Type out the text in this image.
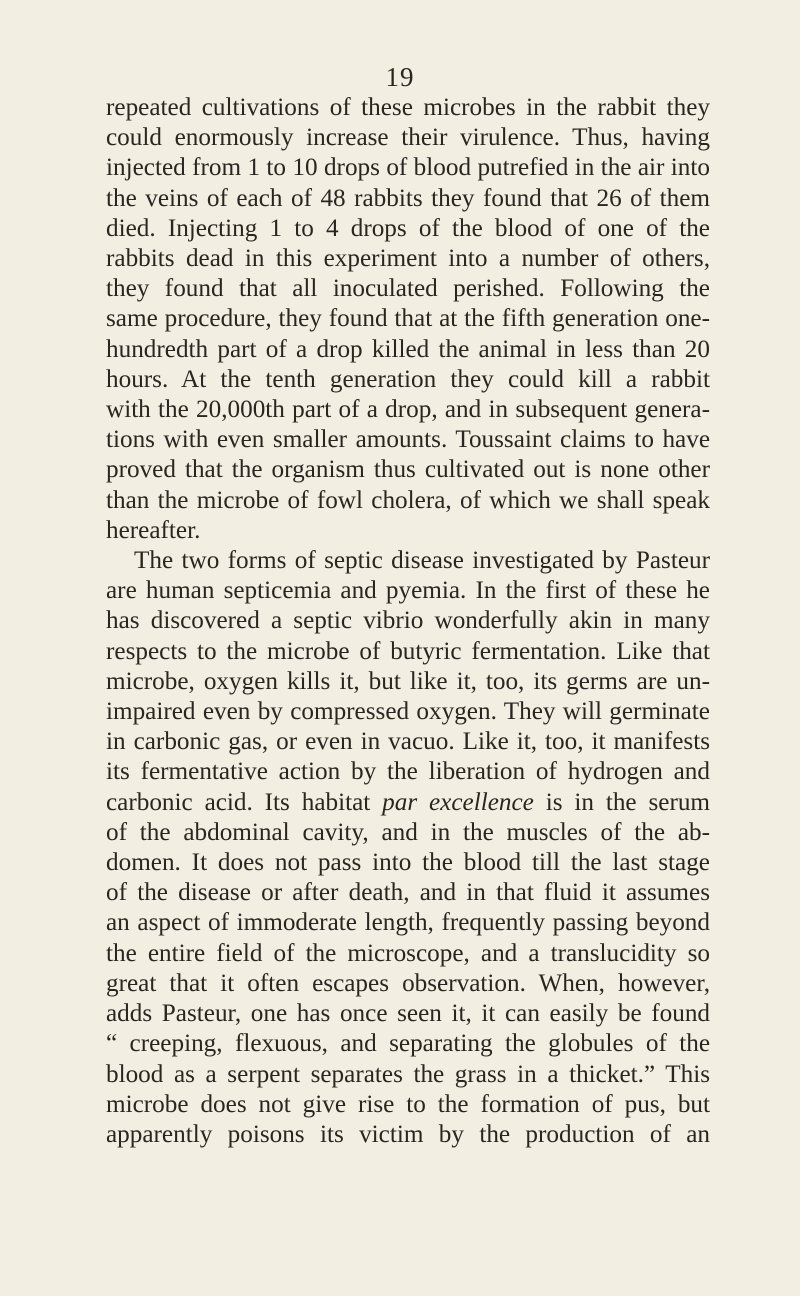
19
repeated cultivations of these microbes in the rabbit they
could enormously increase their virulence. Thus, having
injected from 1 to 10 drops of blood putrefied in the air into
the veins of each of 48 rabbits they found that 26 of them
died. Injecting 1 to 4 drops of the blood of one of the
rabbits dead in this experiment into a number of others,
they found that all inoculated perished. Following the
same procedure, they found that at the fifth generation one-
hundredth part of a drop killed the animal in less than 20
hours. At the tenth generation they could kill a rabbit
with the 20,000th part of a drop, and in subsequent genera-
tions with even smaller amounts. Toussaint claims to have
proved that the organism thus cultivated out is none other
than the microbe of fowl cholera, of which we shall speak
hereafter.
The two forms of septic disease investigated by Pasteur
are human septicemia and pyemia. In the first of these he
has discovered a septic vibrio wonderfully akin in many
respects to the microbe of butyric fermentation. Like that
microbe, oxygen kills it, but like it, too, its germs are un-
impaired even by compressed oxygen. They will germinate
in carbonic gas, or even in vacuo. Like it, too, it manifests
its fermentative action by the liberation of hydrogen and
carbonic acid. Its habitat par excellence is in the serum
of the abdominal cavity, and in the muscles of the ab-
domen. It does not pass into the blood till the last stage
of the disease or after death, and in that fluid it assumes
an aspect of immoderate length, frequently passing beyond
the entire field of the microscope, and a translucidity so
great that it often escapes observation. When, however,
adds Pasteur, one has once seen it, it can easily be found
“ creeping, flexuous, and separating the globules of the
blood as a serpent separates the grass in a thicket.” This
microbe does not give rise to the formation of pus, but
apparently poisons its victim by the production of an
